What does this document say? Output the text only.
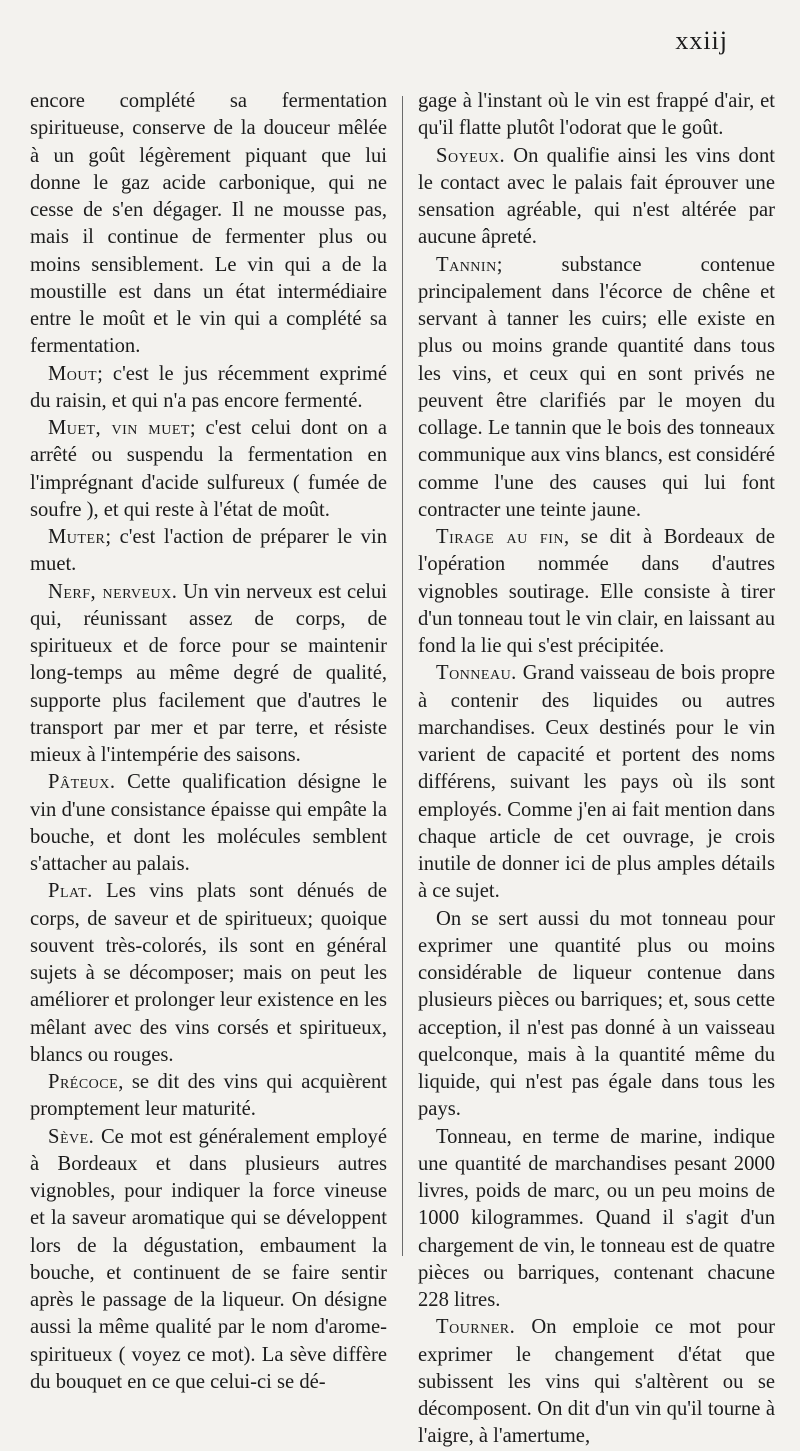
xxiij

encore complété sa fermentation spiritueuse, conserve de la douceur mêlée à un goût légèrement piquant que lui donne le gaz acide carbonique, qui ne cesse de s'en dégager. Il ne mousse pas, mais il continue de fermenter plus ou moins sensiblement. Le vin qui a de la moustille est dans un état intermédiaire entre le moût et le vin qui a complété sa fermentation.

Mout; c'est le jus récemment exprimé du raisin, et qui n'a pas encore fermenté.

Muet, vin muet; c'est celui dont on a arrêté ou suspendu la fermentation en l'imprégnant d'acide sulfureux ( fumée de soufre ), et qui reste à l'état de moût.

Muter; c'est l'action de préparer le vin muet.

Nerf, nerveux. Un vin nerveux est celui qui, réunissant assez de corps, de spiritueux et de force pour se maintenir long-temps au même degré de qualité, supporte plus facilement que d'autres le transport par mer et par terre, et résiste mieux à l'intempérie des saisons.

Pâteux. Cette qualification désigne le vin d'une consistance épaisse qui empâte la bouche, et dont les molécules semblent s'attacher au palais.

Plat. Les vins plats sont dénués de corps, de saveur et de spiritueux; quoique souvent très-colorés, ils sont en général sujets à se décomposer; mais on peut les améliorer et prolonger leur existence en les mêlant avec des vins corsés et spiritueux, blancs ou rouges.

Précoce, se dit des vins qui acquièrent promptement leur maturité.

Sève. Ce mot est généralement employé à Bordeaux et dans plusieurs autres vignobles, pour indiquer la force vineuse et la saveur aromatique qui se développent lors de la dégustation, embaument la bouche, et continuent de se faire sentir après le passage de la liqueur. On désigne aussi la même qualité par le nom d'arome-spiritueux ( voyez ce mot). La sève diffère du bouquet en ce que celui-ci se dé-

gage à l'instant où le vin est frappé d'air, et qu'il flatte plutôt l'odorat que le goût.

Soyeux. On qualifie ainsi les vins dont le contact avec le palais fait éprouver une sensation agréable, qui n'est altérée par aucune âpreté.

Tannin; substance contenue principalement dans l'écorce de chêne et servant à tanner les cuirs; elle existe en plus ou moins grande quantité dans tous les vins, et ceux qui en sont privés ne peuvent être clarifiés par le moyen du collage. Le tannin que le bois des tonneaux communique aux vins blancs, est considéré comme l'une des causes qui lui font contracter une teinte jaune.

Tirage au fin, se dit à Bordeaux de l'opération nommée dans d'autres vignobles soutirage. Elle consiste à tirer d'un tonneau tout le vin clair, en laissant au fond la lie qui s'est précipitée.

Tonneau. Grand vaisseau de bois propre à contenir des liquides ou autres marchandises. Ceux destinés pour le vin varient de capacité et portent des noms différens, suivant les pays où ils sont employés. Comme j'en ai fait mention dans chaque article de cet ouvrage, je crois inutile de donner ici de plus amples détails à ce sujet.

On se sert aussi du mot tonneau pour exprimer une quantité plus ou moins considérable de liqueur contenue dans plusieurs pièces ou barriques; et, sous cette acception, il n'est pas donné à un vaisseau quelconque, mais à la quantité même du liquide, qui n'est pas égale dans tous les pays.

Tonneau, en terme de marine, indique une quantité de marchandises pesant 2000 livres, poids de marc, ou un peu moins de 1000 kilogrammes. Quand il s'agit d'un chargement de vin, le tonneau est de quatre pièces ou barriques, contenant chacune 228 litres.

Tourner. On emploie ce mot pour exprimer le changement d'état que subissent les vins qui s'altèrent ou se décomposent. On dit d'un vin qu'il tourne à l'aigre, à l'amertume,
